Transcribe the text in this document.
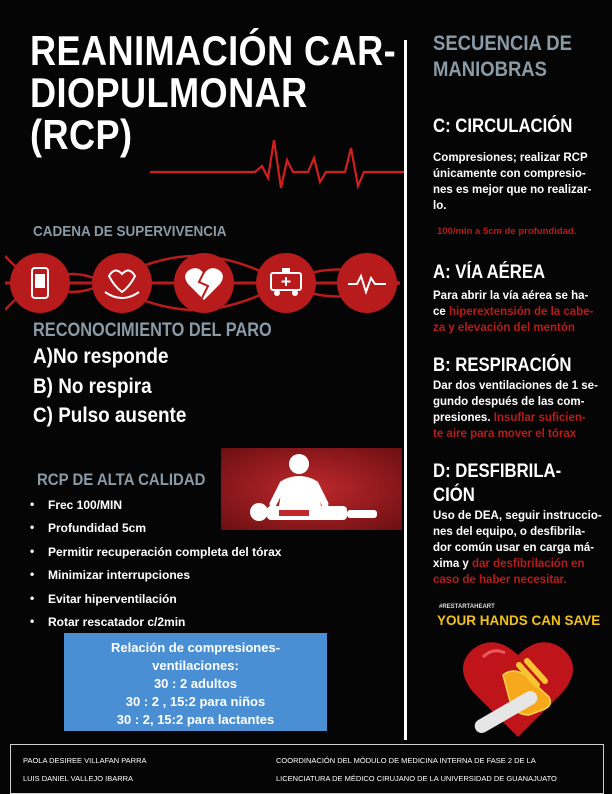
REANIMACIÓN CAR-
DIOPULMONAR
(RCP)
CADENA DE SUPERVIVENCIA
RECONOCIMIENTO DEL PARO
A)No responde
B) No respira
C) Pulso ausente
RCP DE ALTA CALIDAD
• Frec 100/MIN
• Profundidad 5cm
• Permitir recuperación completa del tórax
• Minimizar interrupciones
• Evitar hiperventilación
• Rotar rescatador c/2min
Relación de compresiones-
ventilaciones:
30 : 2 adultos
30 : 2 , 15:2 para niños
30 : 2, 15:2 para lactantes
SECUENCIA DE
MANIOBRAS
C: CIRCULACIÓN
Compresiones; realizar RCP
únicamente con compresio-
nes es mejor que no realizar-
lo.
100/min a 5cm de profundidad.
A: VÍA AÉREA
Para abrir la vía aérea se ha-
ce hiperextensión de la cabe-
za y elevación del mentón
B: RESPIRACIÓN
Dar dos ventilaciones de 1 se-
gundo después de las com-
presiones. Insuflar suficien-
te aire para mover el tórax
D: DESFIBRILA-
CIÓN
Uso de DEA, seguir instruccio-
nes del equipo, o desfibrila-
dor común usar en carga má-
xima y dar desfibrilación en
caso de haber necesitar.
#RESTARTAHEART
YOUR HANDS CAN SAVE
PAOLA DESIREE VILLAFAN PARRA
LUIS DANIEL VALLEJO IBARRA
COORDINACIÓN DEL MÓDULO DE MEDICINA INTERNA DE FASE 2 DE LA
LICENCIATURA DE MÉDICO CIRUJANO DE LA UNIVERSIDAD DE GUANAJUATO
